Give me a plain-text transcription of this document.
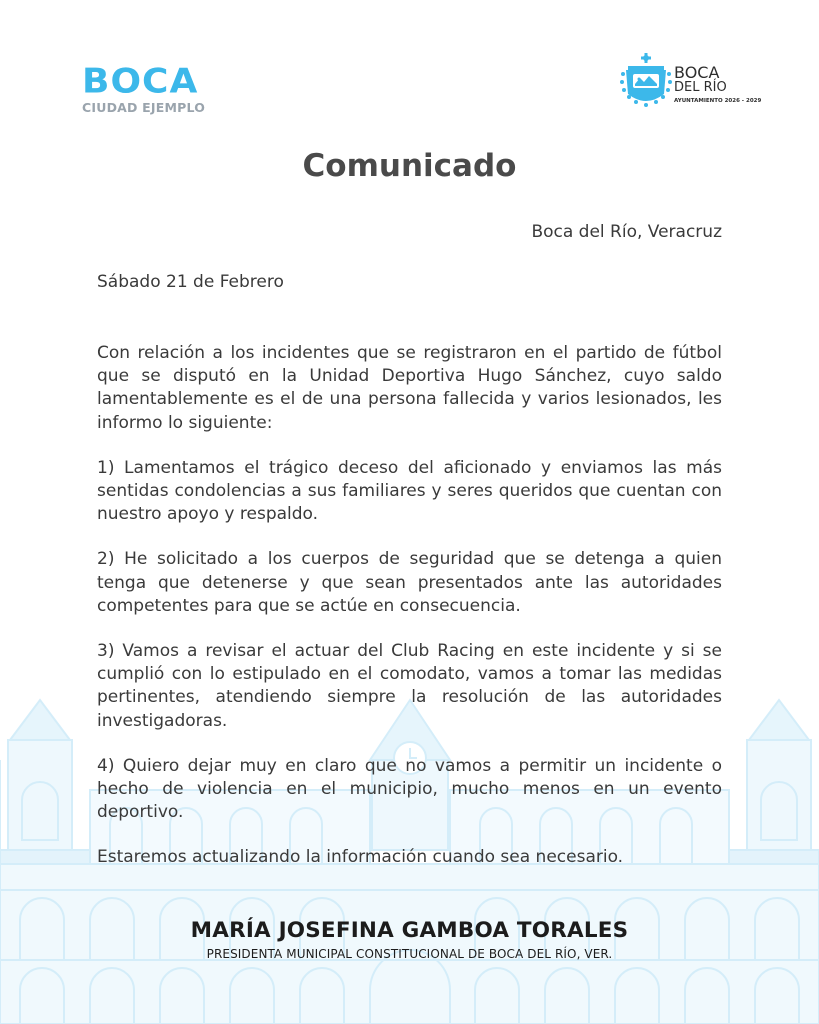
BOCA
CIUDAD EJEMPLO
BOCA
DEL RÍO
AYUNTAMIENTO 2026 - 2029
Comunicado
Boca del Río, Veracruz
Sábado 21 de Febrero

Con relación a los incidentes que se registraron en el partido de fútbol que se disputó en la Unidad Deportiva Hugo Sánchez, cuyo saldo lamentablemente es el de una persona fallecida y varios lesionados, les informo lo siguiente:

1) Lamentamos el trágico deceso del aficionado y enviamos las más sentidas condolencias a sus familiares y seres queridos que cuentan con nuestro apoyo y respaldo.

2) He solicitado a los cuerpos de seguridad que se detenga a quien tenga que detenerse y que sean presentados ante las autoridades competentes para que se actúe en consecuencia.

3) Vamos a revisar el actuar del Club Racing en este incidente y si se cumplió con lo estipulado en el comodato, vamos a tomar las medidas pertinentes, atendiendo siempre la resolución de las autoridades investigadoras.

4) Quiero dejar muy en claro que no vamos a permitir un incidente o hecho de violencia en el municipio, mucho menos en un evento deportivo.

Estaremos actualizando la información cuando sea necesario.

MARÍA JOSEFINA GAMBOA TORALES
PRESIDENTA MUNICIPAL CONSTITUCIONAL DE BOCA DEL RÍO, VER.
